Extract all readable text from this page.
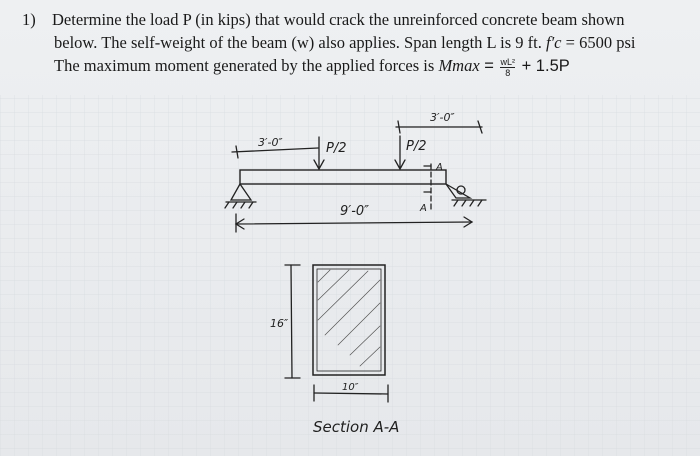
1) Determine the load P (in kips) that would crack the unreinforced concrete beam shown
below. The self-weight of the beam (w) also applies. Span length L is 9 ft. f′c = 6500 psi
The maximum moment generated by the applied forces is $Mmax = \frac{\text{wL²}}{8} + 1.5P$
3′-0″
3′-0″
P/2	P/2
A
A
9′-0″
16″
10″
Section A-A
